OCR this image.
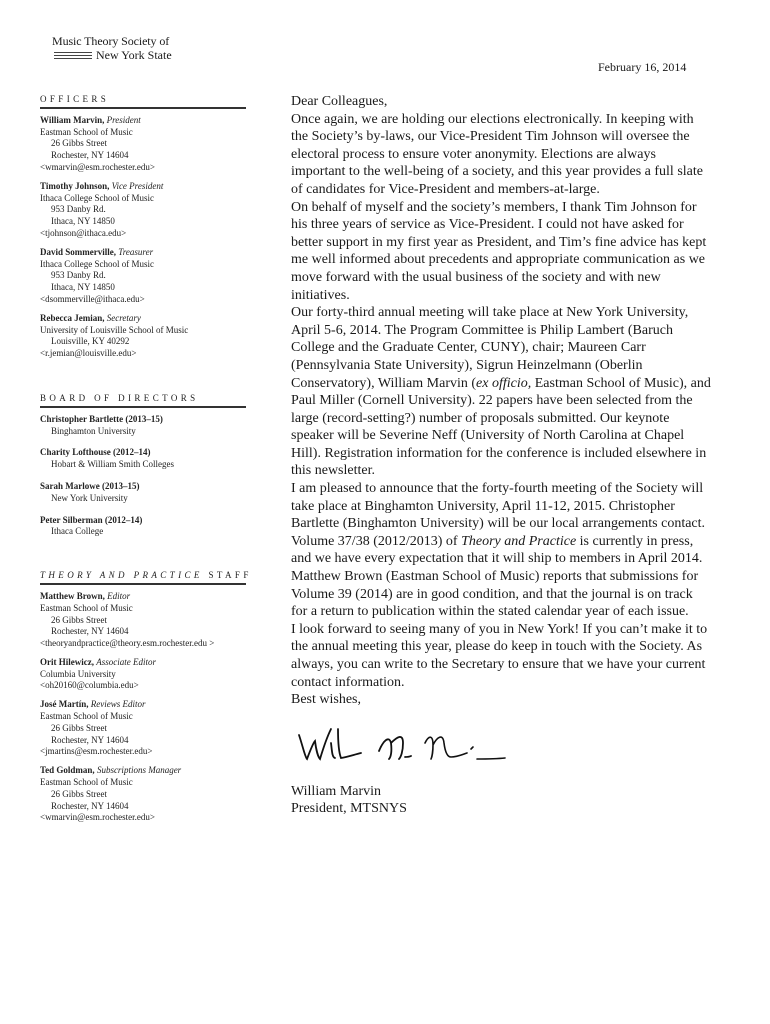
Music Theory Society of
New York State
February 16, 2014
OFFICERS
William Marvin, President
Eastman School of Music
26 Gibbs Street
Rochester, NY 14604
<wmarvin@esm.rochester.edu>
Timothy Johnson, Vice President
Ithaca College School of Music
953 Danby Rd.
Ithaca, NY 14850
<tjohnson@ithaca.edu>
David Sommerville, Treasurer
Ithaca College School of Music
953 Danby Rd.
Ithaca, NY 14850
<dsommerville@ithaca.edu>
Rebecca Jemian, Secretary
University of Louisville School of Music
Louisville, KY 40292
<r.jemian@louisville.edu>
BOARD OF DIRECTORS
Christopher Bartlette (2013–15)
Binghamton University
Charity Lofthouse (2012–14)
Hobart & William Smith Colleges
Sarah Marlowe (2013–15)
New York University
Peter Silberman (2012–14)
Ithaca College
THEORY AND PRACTICE STAFF
Matthew Brown, Editor
Eastman School of Music
26 Gibbs Street
Rochester, NY 14604
<theoryandpractice@theory.esm.rochester.edu >
Orit Hilewicz, Associate Editor
Columbia University
<oh20160@columbia.edu>
José Martín, Reviews Editor
Eastman School of Music
26 Gibbs Street
Rochester, NY 14604
<jmartins@esm.rochester.edu>
Ted Goldman, Subscriptions Manager
Eastman School of Music
26 Gibbs Street
Rochester, NY 14604
<wmarvin@esm.rochester.edu>

Dear Colleagues,

Once again, we are holding our elections electronically. In keeping with the Society’s by-laws, our Vice-President Tim Johnson will oversee the electoral process to ensure voter anonymity. Elections are always important to the well-being of a society, and this year provides a full slate of candidates for Vice-President and members-at-large.

On behalf of myself and the society’s members, I thank Tim Johnson for his three years of service as Vice-President. I could not have asked for better support in my first year as President, and Tim’s fine advice has kept me well informed about precedents and appropriate communication as we move forward with the usual business of the society and with new initiatives.

Our forty-third annual meeting will take place at New York University, April 5-6, 2014. The Program Committee is Philip Lambert (Baruch College and the Graduate Center, CUNY), chair; Maureen Carr (Pennsylvania State University), Sigrun Heinzelmann (Oberlin Conservatory), William Marvin (ex officio, Eastman School of Music), and Paul Miller (Cornell University). 22 papers have been selected from the large (record-setting?) number of proposals submitted. Our keynote speaker will be Severine Neff (University of North Carolina at Chapel Hill). Registration information for the conference is included elsewhere in this newsletter.

I am pleased to announce that the forty-fourth meeting of the Society will take place at Binghamton University, April 11-12, 2015. Christopher Bartlette (Binghamton University) will be our local arrangements contact.

Volume 37/38 (2012/2013) of Theory and Practice is currently in press, and we have every expectation that it will ship to members in April 2014. Matthew Brown (Eastman School of Music) reports that submissions for Volume 39 (2014) are in good condition, and that the journal is on track for a return to publication within the stated calendar year of each issue.

I look forward to seeing many of you in New York! If you can’t make it to the annual meeting this year, please do keep in touch with the Society. As always, you can write to the Secretary to ensure that we have your current contact information.

Best wishes,

William Marvin

President, MTSNYS
